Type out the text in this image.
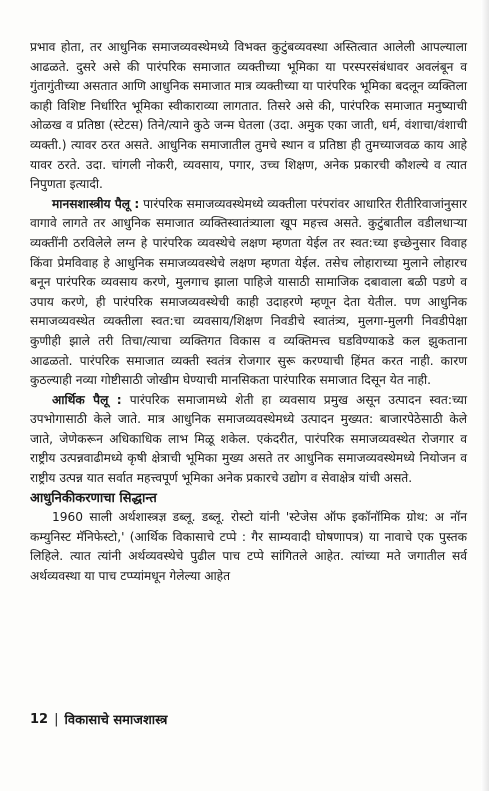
प्रभाव होता, तर आधुनिक समाजव्यवस्थेमध्ये विभक्त कुटुंबव्यवस्था अस्तित्वात आलेली आपल्याला आढळते. दुसरे असे की पारंपरिक समाजात व्यक्तीच्या भूमिका या परस्परसंबंधावर अवलंबून व गुंतागुंतीच्या असतात आणि आधुनिक समाजात मात्र व्यक्तीच्या या पारंपरिक भूमिका बदलून व्यक्तिला काही विशिष्ट निर्धारित भूमिका स्वीकाराव्या लागतात. तिसरे असे की, पारंपरिक समाजात मनुष्याची ओळख व प्रतिष्ठा (स्टेटस) तिने/त्याने कुठे जन्म घेतला (उदा. अमुक एका जाती, धर्म, वंशाचा/वंशाची व्यक्ती.) त्यावर ठरत असते. आधुनिक समाजातील तुमचे स्थान व प्रतिष्ठा ही तुमच्याजवळ काय आहे यावर ठरते. उदा. चांगली नोकरी, व्यवसाय, पगार, उच्च शिक्षण, अनेक प्रकारची कौशल्ये व त्यात निपुणता इत्यादी.

मानसशास्त्रीय पैलू : पारंपरिक समाजव्यवस्थेमध्ये व्यक्तीला परंपरांवर आधारित रीतीरिवाजांनुसार वागावे लागते तर आधुनिक समाजात व्यक्तिस्वातंत्र्याला खूप महत्त्व असते. कुटुंबातील वडीलधाऱ्या व्यक्तींनी ठरविलेले लग्न हे पारंपरिक व्यवस्थेचे लक्षण म्हणता येईल तर स्वत:च्या इच्छेनुसार विवाह किंवा प्रेमविवाह हे आधुनिक समाजव्यवस्थेचे लक्षण म्हणता येईल. तसेच लोहाराच्या मुलाने लोहारच बनून पारंपरिक व्यवसाय करणे, मुलगाच झाला पाहिजे यासाठी सामाजिक दबावाला बळी पडणे व उपाय करणे, ही पारंपरिक समाजव्यवस्थेची काही उदाहरणे म्हणून देता येतील. पण आधुनिक समाजव्यवस्थेत व्यक्तीला स्वत:चा व्यवसाय/शिक्षण निवडीचे स्वातंत्र्य, मुलगा-मुलगी निवडीपेक्षा कुणीही झाले तरी तिचा/त्याचा व्यक्तिगत विकास व व्यक्तिमत्त्व घडविण्याकडे कल झुकताना आढळतो. पारंपरिक समाजात व्यक्ती स्वतंत्र रोजगार सुरू करण्याची हिंमत करत नाही. कारण कुठल्याही नव्या गोष्टीसाठी जोखीम घेण्याची मानसिकता पारंपारिक समाजात दिसून येत नाही.

आर्थिक पैलू : पारंपरिक समाजामध्ये शेती हा व्यवसाय प्रमुख असून उत्पादन स्वत:च्या उपभोगासाठी केले जाते. मात्र आधुनिक समाजव्यवस्थेमध्ये उत्पादन मुख्यत: बाजारपेठेसाठी केले जाते, जेणेकरून अधिकाधिक लाभ मिळू शकेल. एकंदरीत, पारंपरिक समाजव्यवस्थेत रोजगार व राष्ट्रीय उत्पन्नवाढीमध्ये कृषी क्षेत्राची भूमिका मुख्य असते तर आधुनिक समाजव्यवस्थेमध्ये नियोजन व राष्ट्रीय उत्पन्न यात सर्वात महत्त्वपूर्ण भूमिका अनेक प्रकारचे उद्योग व सेवाक्षेत्र यांची असते.

आधुनिकीकरणाचा सिद्धान्त

1960 साली अर्थशास्त्रज्ञ डब्लू. डब्लू. रोस्टो यांनी 'स्टेजेस ऑफ इकॉनॉमिक ग्रोथ: अ नॉन कम्युनिस्ट मॅनिफेस्टो,' (आर्थिक विकासाचे टप्पे : गैर साम्यवादी घोषणापत्र) या नावाचे एक पुस्तक लिहिले. त्यात त्यांनी अर्थव्यवस्थेचे पुढील पाच टप्पे सांगितले आहेत. त्यांच्या मते जगातील सर्व अर्थव्यवस्था या पाच टप्प्यांमधून गेलेल्या आहेत

12 | विकासाचे समाजशास्त्र
